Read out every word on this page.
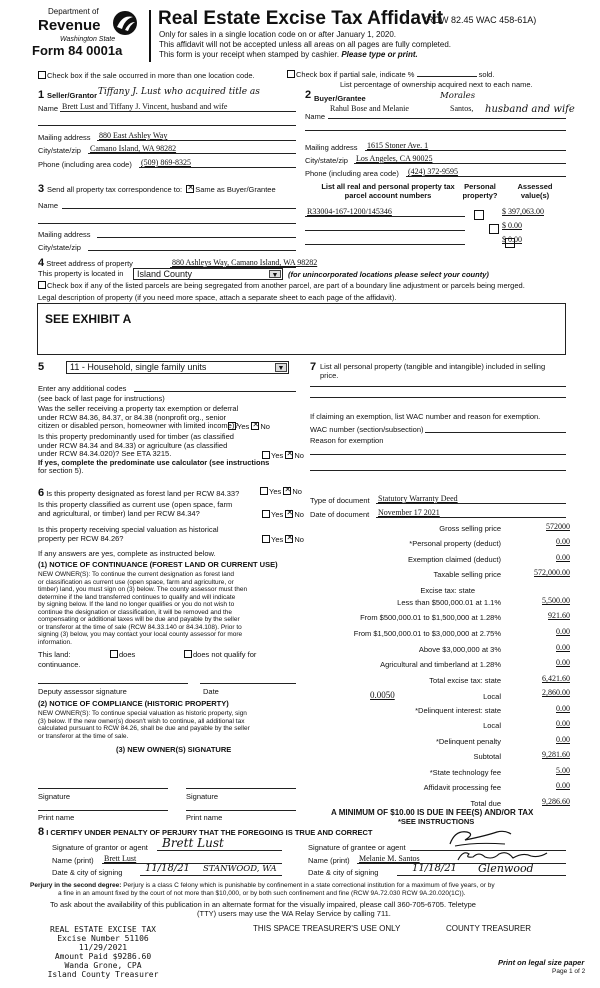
Department of
Revenue
Washington State
Form 84 0001a
Real Estate Excise Tax Affidavit
(RCW 82.45 WAC 458-61A)
Only for sales in a single location code on or after January 1, 2020.
This affidavit will not be accepted unless all areas on all pages are fully completed.
This form is your receipt when stamped by cashier. Please type or print.
Check box if the sale occurred in more than one location code.	Check box if partial sale, indicate %	sold.
List percentage of ownership acquired next to each name.
1 Seller/Grantor Tiffany J. Lust who acquired title as
Name Brett Lust and Tiffany J. Vincent, husband and wife
Mailing address 880 East Ashley Way
City/state/zip Camano Island, WA 98282
Phone (including area code) (509) 869-8325
2 Buyer/Grantee	Morales
Name
Rahul Bose and Melanie	Santos, husband and wife
Mailing address 1615 Stoner Ave. 1
City/state/zip Los Angeles, CA 90025
Phone (including area code) (424) 372-9595
3 Send all property tax correspondence to: ✕ Same as Buyer/Grantee
Name
Mailing address
City/state/zip
List all real and personal property tax parcel account numbers
Personal property?
Assessed value(s)
R33004-167-1200/145346
	$ 397,063.00

$ 0.00
$ 0.00
4 Street address of property	880 Ashleys Way, Camano Island, WA 98282
This property is located in	Island County	▼	(for unincorporated locations please select your county)
Check box if any of the listed parcels are being segregated from another parcel, are part of a boundary line adjustment or parcels being merged.
Legal description of property (if you need more space, attach a separate sheet to each page of the affidavit).
SEE EXHIBIT A
5	11 - Household, single family units	▼
Enter any additional codes
(see back of last page for instructions)
Was the seller receiving a property tax exemption or deferral
under RCW 84.36, 84.37, or 84.38 (nonprofit org., senior
citizen or disabled person, homeowner with limited income)?
Yes ✕ No
Is this property predominantly used for timber (as classified
under RCW 84.34 and 84.33) or agriculture (as classified
under RCW 84.34.020)? See ETA 3215.
If yes, complete the predominate use calculator (see instructions
for section 5).
Yes ✕ No
6 Is this property designated as forest land per RCW 84.33?	Yes ✕ No
Is this property classified as current use (open space, farm
and agricultural, or timber) land per RCW 84.34?	Yes ✕ No
Is this property receiving special valuation as historical
property per RCW 84.26?	Yes ✕ No
If any answers are yes, complete as instructed below.
(1) NOTICE OF CONTINUANCE (FOREST LAND OR CURRENT USE)
NEW OWNER(S): To continue the current designation as forest land
or classification as current use (open space, farm and agriculture, or
timber) land, you must sign on (3) below. The county assessor must then
determine if the land transferred continues to qualify and will indicate
by signing below. If the land no longer qualifies or you do not wish to
continue the designation or classification, it will be removed and the
compensating or additional taxes will be due and payable by the seller
or transferor at the time of sale (RCW 84.33.140 or 84.34.108). Prior to
signing (3) below, you may contact your local county assessor for more
information.
This land:	does	does not qualify for
continuance.
Deputy assessor signature	Date
(2) NOTICE OF COMPLIANCE (HISTORIC PROPERTY)
NEW OWNER(S): To continue special valuation as historic property, sign
(3) below. If the new owner(s) doesn't wish to continue, all additional tax
calculated pursuant to RCW 84.26, shall be due and payable by the seller
or transferor at the time of sale.
(3) NEW OWNER(S) SIGNATURE
Signature	Signature
Print name	Print name
7 List all personal property (tangible and intangible) included in selling price.
If claiming an exemption, list WAC number and reason for exemption.
WAC number (section/subsection)
Reason for exemption
Type of document Statutory Warranty Deed
Date of document November 17 2021
Gross selling price	572000
*Personal property (deduct)	0.00
Exemption claimed (deduct)	0.00
Taxable selling price	572,000.00
Excise tax: state
Less than $500,000.01 at 1.1%	5,500.00
From $500,000.01 to $1,500,000 at 1.28%	921.60
From $1,500,000.01 to $3,000,000 at 2.75%	0.00
Above $3,000,000 at 3%	0.00
Agricultural and timberland at 1.28%	0.00
Total excise tax: state	6,421.60
0.0050	Local	2,860.00
*Delinquent interest: state	0.00
Local	0.00
*Delinquent penalty	0.00
Subtotal	9,281.60
*State technology fee	5.00
Affidavit processing fee	0.00
Total due	9,286.60
A MINIMUM OF $10.00 IS DUE IN FEE(S) AND/OR TAX
*SEE INSTRUCTIONS
8 I CERTIFY UNDER PENALTY OF PERJURY THAT THE FOREGOING IS TRUE AND CORRECT
Signature of grantor or agent Brett Lust
Name (print) Brett Lust
Date & city of signing 11/18/21 STANWOOD, WA
Signature of grantee or agent
Name (print) Melanie M. Santos
Date & city of signing	11/18/21 Glenwood
Perjury in the second degree: Perjury is a class C felony which is punishable by confinement in a state correctional institution for a maximum of five years, or by
a fine in an amount fixed by the court of not more than $10,000, or by both such confinement and fine (RCW 9A.72.030 RCW 9A.20.020(1C)).
To ask about the availability of this publication in an alternate format for the visually impaired, please call 360-705-6705. Teletype
(TTY) users may use the WA Relay Service by calling 711.
THIS SPACE TREASURER'S USE ONLY	COUNTY TREASURER
REAL ESTATE EXCISE TAX
Excise Number 51106
11/29/2021
Amount Paid $9286.60
Wanda Grone, CPA
Island County Treasurer
Print on legal size paper
Page 1 of 2
